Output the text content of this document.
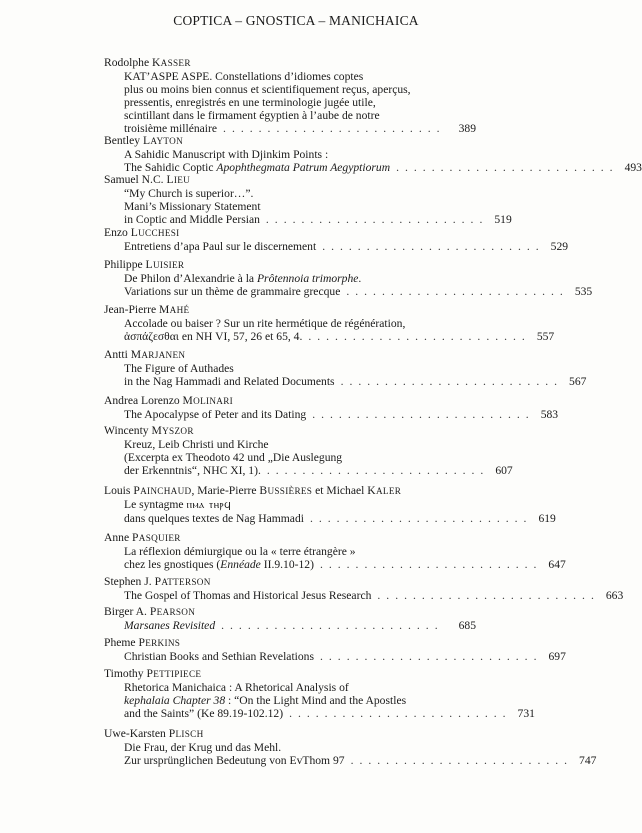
COPTICA – GNOSTICA – MANICHAICA
Rodolphe KASSER
KAT’ASPE ASPE. Constellations d’idiomes coptes
plus ou moins bien connus et scientifiquement reçus, aperçus,
pressentis, enregistrés en une terminologie jugée utile,
scintillant dans le firmament égyptien à l’aube de notre
troisième millénaire .........................	389
Bentley LAYTON
A Sahidic Manuscript with Djinkim Points :
The Sahidic Coptic Apophthegmata Patrum Aegyptiorum ......................... 493
Samuel N.C. LIEU
“My Church is superior…”.
Mani’s Missionary Statement
in Coptic and Middle Persian ......................... 519
Enzo LUCCHESI
Entretiens d’apa Paul sur le discernement ......................... 529
Philippe LUISIER
De Philon d’Alexandrie à la Prôtennoia trimorphe.
Variations sur un thème de grammaire grecque ......................... 535
Jean-Pierre MAHÉ
Accolade ou baiser ? Sur un rite hermétique de régénération,
ἀσπάζεσθαι en NH VI, 57, 26 et 65, 4. ......................... 557
Antti MARJANEN
The Figure of Authades
in the Nag Hammadi and Related Documents ......................... 567
Andrea Lorenzo MOLINARI
The Apocalypse of Peter and its Dating ......................... 583
Wincenty MYSZOR
Kreuz, Leib Christi und Kirche
(Excerpta ex Theodoto 42 und „Die Auslegung
der Erkenntnis“, NHC XI, 1). ......................... 607
Louis PAINCHAUD, Marie-Pierre BUSSIÈRES et Michael KALER
Le syntagme ⲡⲙⲁ ⲧⲏⲣϥ
dans quelques textes de Nag Hammadi ......................... 619
Anne PASQUIER
La réflexion démiurgique ou la « terre étrangère »
chez les gnostiques (Ennéade II.9.10-12) ......................... 647
Stephen J. PATTERSON
The Gospel of Thomas and Historical Jesus Research ......................... 663
Birger A. PEARSON
Marsanes Revisited .........................	685
Pheme PERKINS
Christian Books and Sethian Revelations ......................... 697
Timothy PETTIPIECE
Rhetorica Manichaica : A Rhetorical Analysis of
kephalaia Chapter 38 : “On the Light Mind and the Apostles
and the Saints” (Ke 89.19-102.12) ......................... 731
Uwe-Karsten PLISCH
Die Frau, der Krug und das Mehl.
Zur ursprünglichen Bedeutung von EvThom 97 ......................... 747
